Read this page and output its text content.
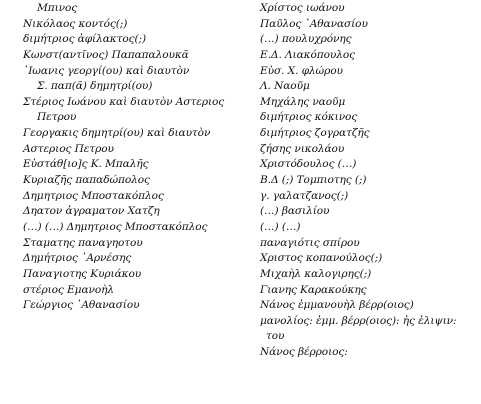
Μπινος
Νικόλαος κοντός(;)
διμήτριος ἀφίλακτος(;)
Κωνστ(αντῖνος) Παπαπαλουκᾶ
᾽Ιωανις γεοργί(ου) καὶ διαυτὸν
Σ. παπ(ᾶ) δημητρί(ου)
Στέριος Ιωάνου καὶ διαυτὸν Αστεριος
Πετρου
Γεοργακις δημητρί(ου) καὶ διαυτὸν
Αστεριος Πετρου
Εὐστάθ[ιο]ς Κ. Μπαλῆς
Κυριαζῆς παπαδώπολος
Δημητριος Μποστακόπλος
Δηατον ἀγραματον Χατζη
(…) (…) Δημητριος Μποστακόπλος
Σταματης παναγηοτου
Δημήτριος ᾽Αρνέσης
Παναγιοτης Κυριάκου
στέριος Εμανοὴλ
Γεώργιος ᾽Αθανασίου
Χρίστος ιωάνου
Παῦλος ᾽Αθανασίου
(…) πουλυχρόνης
Ε.Δ. Λιακόπουλος
Εὐσ. Χ. φλώρου
Λ. Ναοῦμ
Μηχάλης ναοῦμ
διμήτριος κόκινος
διμήτριος ζογρατζῆς
ζήσης νικολάου
Χριστόδουλος (…)
Β.Δ (;) Τομπιοτης (;)
γ. γαλατζανος(;)
(…) βασιλίου
(…) (…)
παναγιότις σπίρου
Χριστος κοπανούλος(;)
Μιχαὴλ καλογιρης(;)
Γιανης Καρακούκης
Νάνος ἐμμανουὴλ βέρρ(οιος)
μανολίος: ἐμμ. βέρρ(οιος): ἠς ἐλιψιν:
του
Νάνος βέρρoιος:
